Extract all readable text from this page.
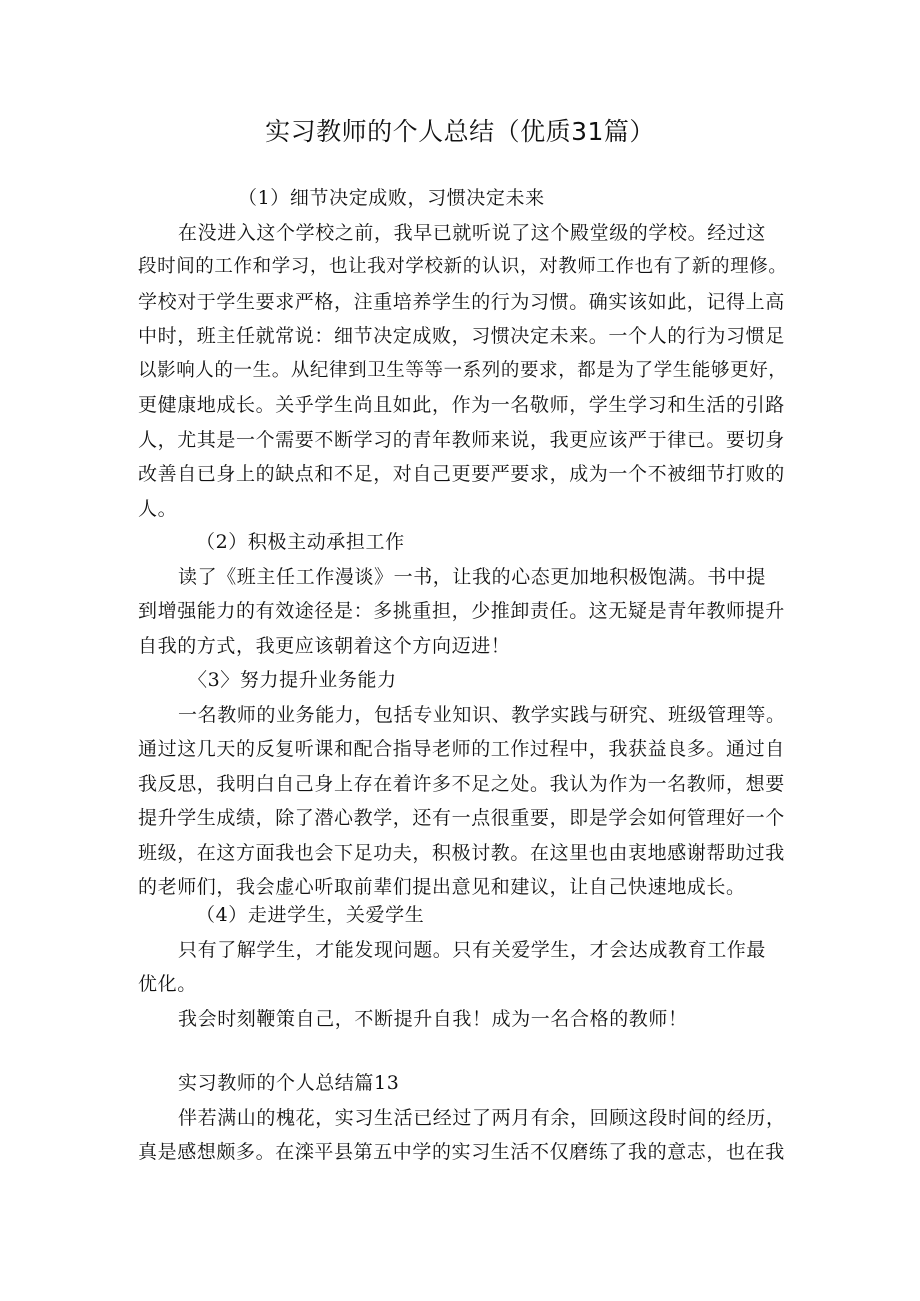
实习教师的个人总结（优质31篇）
（1）细节决定成败，习惯决定未来
在没进入这个学校之前，我早已就听说了这个殿堂级的学校。经过这
段时间的工作和学习，也让我对学校新的认识，对教师工作也有了新的理修。
学校对于学生要求严格，注重培养学生的行为习惯。确实该如此，记得上高
中时，班主任就常说：细节决定成败，习惯决定未来。一个人的行为习惯足
以影响人的一生。从纪律到卫生等等一系列的要求，都是为了学生能够更好，
更健康地成长。关乎学生尚且如此，作为一名敬师，学生学习和生活的引路
人，尤其是一个需要不断学习的青年教师来说，我更应该严于律已。要切身
改善自已身上的缺点和不足，对自己更要严要求，成为一个不被细节打败的
人。
（2）积极主动承担工作
读了《班主任工作漫谈》一书，让我的心态更加地积极饱满。书中提
到增强能力的有效途径是：多挑重担，少推卸责任。这无疑是青年教师提升
自我的方式，我更应该朝着这个方向迈进！
〈3〉努力提升业务能力
一名教师的业务能力，包括专业知识、教学实践与研究、班级管理等。
通过这几天的反复听课和配合指导老师的工作过程中，我获益良多。通过自
我反思，我明白自己身上存在着许多不足之处。我认为作为一名教师，想要
提升学生成绩，除了潜心教学，还有一点很重要，即是学会如何管理好一个
班级，在这方面我也会下足功夫，积极讨教。在这里也由衷地感谢帮助过我
的老师们，我会虚心听取前辈们提出意见和建议，让自己快速地成长。
（4）走进学生，关爱学生
只有了解学生，才能发现问题。只有关爱学生，才会达成教育工作最
优化。
我会时刻鞭策自己，不断提升自我！成为一名合格的教师！
实习教师的个人总结篇13
伴若满山的槐花，实习生活已经过了两月有余，回顾这段时间的经历，
真是感想颇多。在滦平县第五中学的实习生活不仅磨练了我的意志，也在我
